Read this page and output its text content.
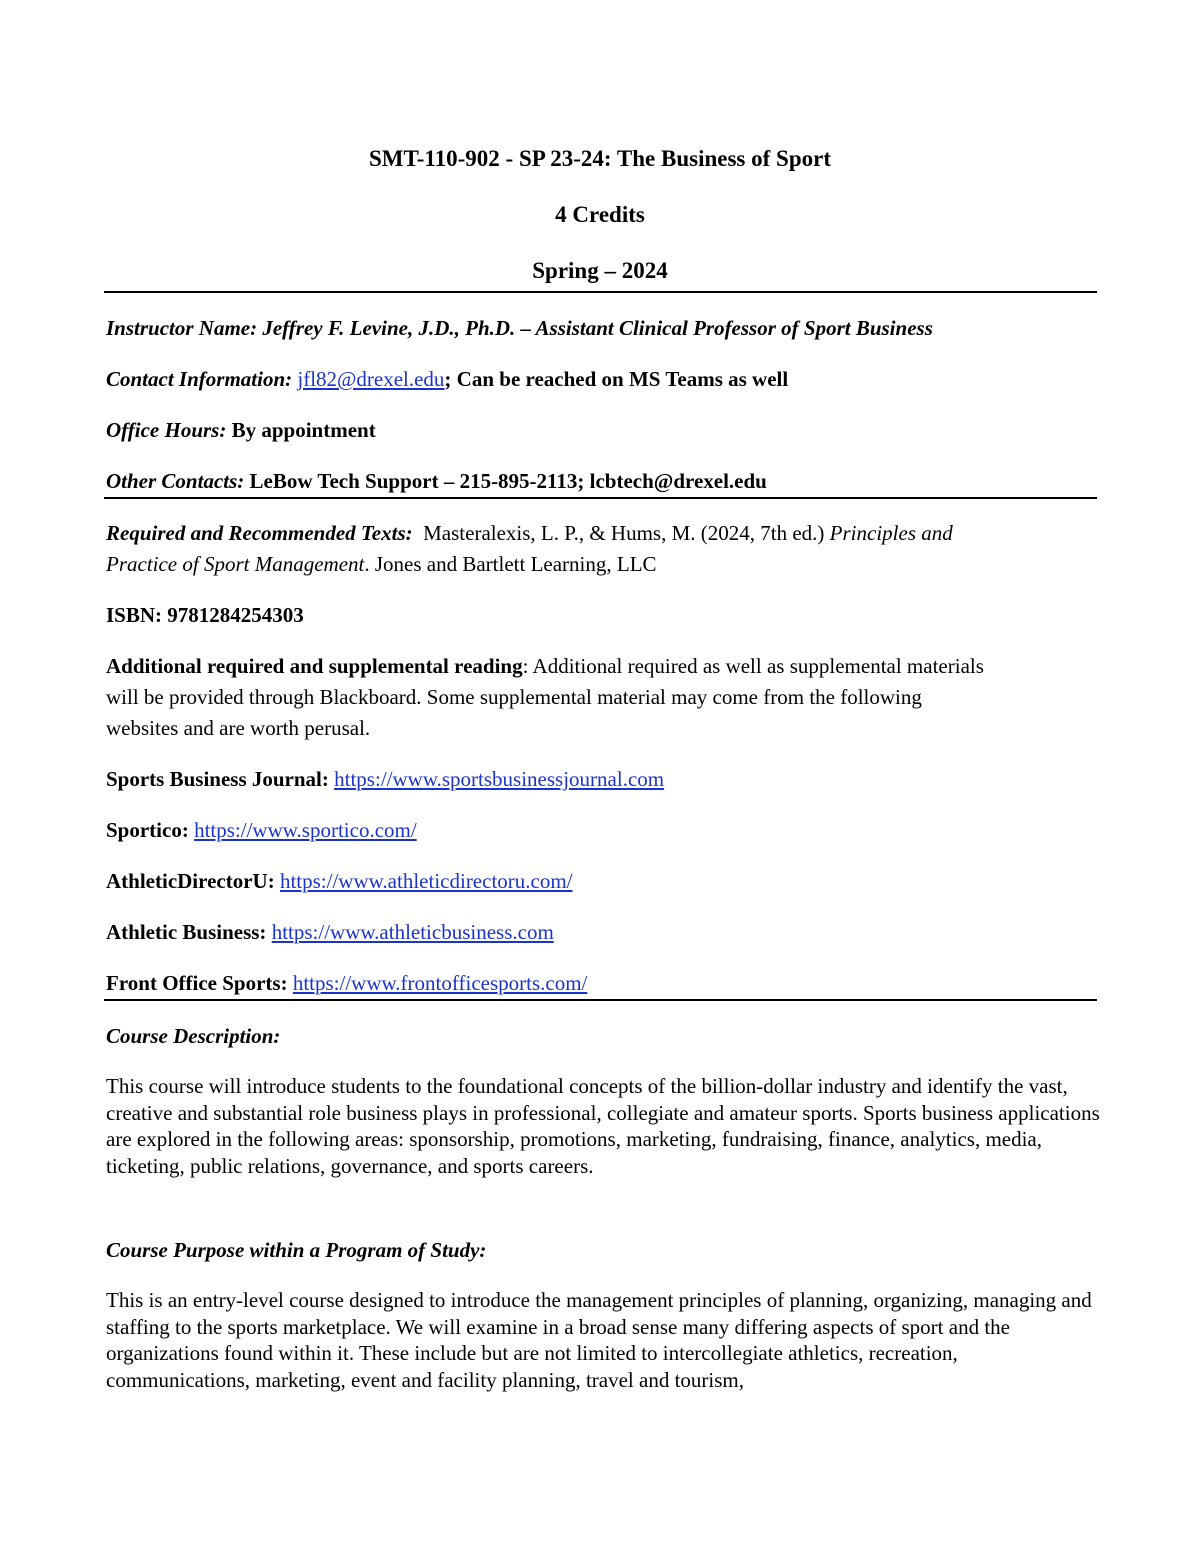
SMT-110-902 - SP 23-24: The Business of Sport
4 Credits
Spring – 2024
Instructor Name: Jeffrey F. Levine, J.D., Ph.D. – Assistant Clinical Professor of Sport Business
Contact Information: jfl82@drexel.edu; Can be reached on MS Teams as well
Office Hours: By appointment
Other Contacts: LeBow Tech Support – 215-895-2113; lcbtech@drexel.edu
Required and Recommended Texts:  Masteralexis, L. P., & Hums, M. (2024, 7th ed.) Principles and
Practice of Sport Management. Jones and Bartlett Learning, LLC
ISBN: 9781284254303
Additional required and supplemental reading: Additional required as well as supplemental materials
will be provided through Blackboard. Some supplemental material may come from the following
websites and are worth perusal.
Sports Business Journal: https://www.sportsbusinessjournal.com
Sportico: https://www.sportico.com/
AthleticDirectorU: https://www.athleticdirectoru.com/
Athletic Business: https://www.athleticbusiness.com
Front Office Sports: https://www.frontofficesports.com/
Course Description:
This course will introduce students to the foundational concepts of the billion-dollar industry and identify the vast, creative and substantial role business plays in professional, collegiate and amateur sports. Sports business applications are explored in the following areas: sponsorship, promotions, marketing, fundraising, finance, analytics, media, ticketing, public relations, governance, and sports careers.
Course Purpose within a Program of Study:
This is an entry-level course designed to introduce the management principles of planning, organizing, managing and staffing to the sports marketplace. We will examine in a broad sense many differing aspects of sport and the organizations found within it. These include but are not limited to intercollegiate athletics, recreation, communications, marketing, event and facility planning, travel and tourism,
